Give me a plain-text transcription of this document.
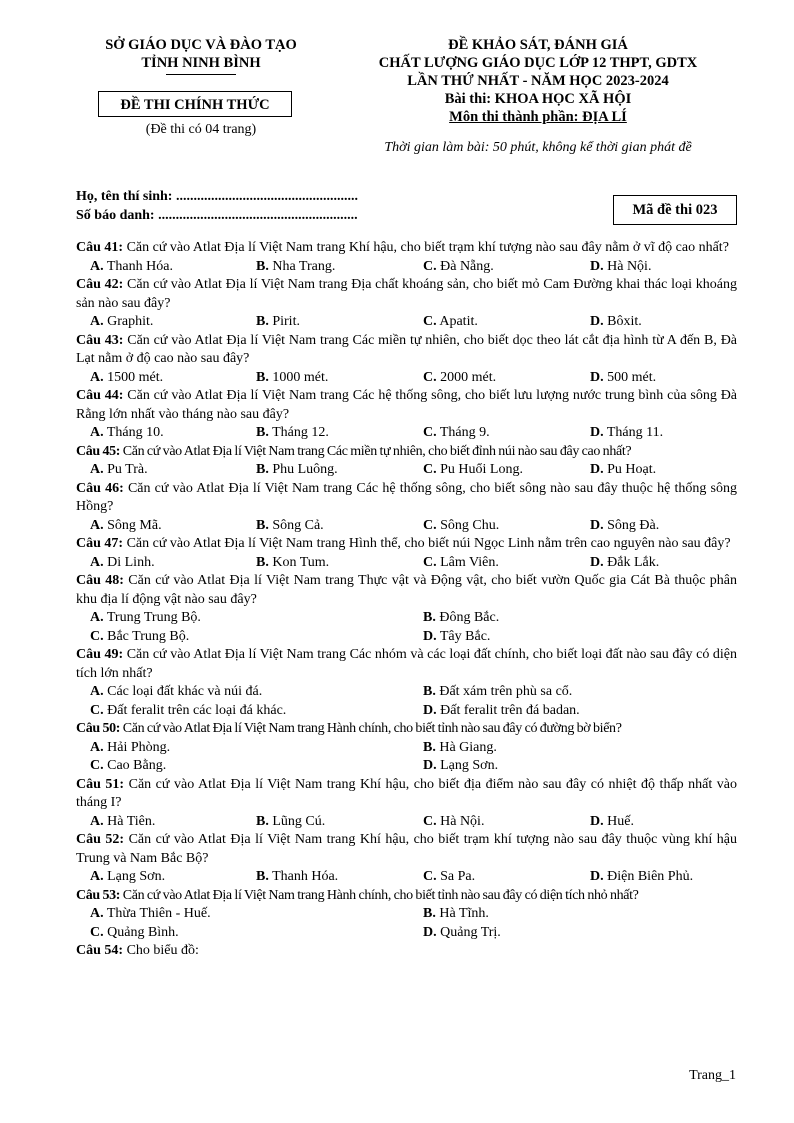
SỞ GIÁO DỤC VÀ ĐÀO TẠO
TỈNH NINH BÌNH
ĐỀ THI CHÍNH THỨC
(Đề thi có 04 trang)
ĐỀ KHẢO SÁT, ĐÁNH GIÁ
CHẤT LƯỢNG GIÁO DỤC LỚP 12 THPT, GDTX
LẦN THỨ NHẤT - NĂM HỌC 2023-2024
Bài thi: KHOA HỌC XÃ HỘI
Môn thi thành phần: ĐỊA LÍ
Thời gian làm bài: 50 phút, không kể thời gian phát đề
Họ, tên thí sinh: ....................................................
Số báo danh: .........................................................	Mã đề thi 023
Câu 41: Căn cứ vào Atlat Địa lí Việt Nam trang Khí hậu, cho biết trạm khí tượng nào sau đây nằm ở vĩ độ cao nhất?
A. Thanh Hóa.	B. Nha Trang.	C. Đà Nẵng.	D. Hà Nội.
Câu 42: Căn cứ vào Atlat Địa lí Việt Nam trang Địa chất khoáng sản, cho biết mỏ Cam Đường khai thác loại khoáng sản nào sau đây?
A. Graphit.	B. Pirit.	C. Apatit.	D. Bôxit.
Câu 43: Căn cứ vào Atlat Địa lí Việt Nam trang Các miền tự nhiên, cho biết dọc theo lát cắt địa hình từ A đến B, Đà Lạt nằm ở độ cao nào sau đây?
A. 1500 mét.	B. 1000 mét.	C. 2000 mét.	D. 500 mét.
Câu 44: Căn cứ vào Atlat Địa lí Việt Nam trang Các hệ thống sông, cho biết lưu lượng nước trung bình của sông Đà Rằng lớn nhất vào tháng nào sau đây?
A. Tháng 10.	B. Tháng 12.	C. Tháng 9.	D. Tháng 11.
Câu 45: Căn cứ vào Atlat Địa lí Việt Nam trang Các miền tự nhiên, cho biết đỉnh núi nào sau đây cao nhất?
A. Pu Trà.	B. Phu Luông.	C. Pu Huổi Long.	D. Pu Hoạt.
Câu 46: Căn cứ vào Atlat Địa lí Việt Nam trang Các hệ thống sông, cho biết sông nào sau đây thuộc hệ thống sông Hồng?
A. Sông Mã.	B. Sông Cả.	C. Sông Chu.	D. Sông Đà.
Câu 47: Căn cứ vào Atlat Địa lí Việt Nam trang Hình thể, cho biết núi Ngọc Linh nằm trên cao nguyên nào sau đây?
A. Di Linh.	B. Kon Tum.	C. Lâm Viên.	D. Đắk Lắk.
Câu 48: Căn cứ vào Atlat Địa lí Việt Nam trang Thực vật và Động vật, cho biết vườn Quốc gia Cát Bà thuộc phân khu địa lí động vật nào sau đây?
A. Trung Trung Bộ.	B. Đông Bắc.
C. Bắc Trung Bộ.	D. Tây Bắc.
Câu 49: Căn cứ vào Atlat Địa lí Việt Nam trang Các nhóm và các loại đất chính, cho biết loại đất nào sau đây có diện tích lớn nhất?
A. Các loại đất khác và núi đá.	B. Đất xám trên phù sa cổ.
C. Đất feralit trên các loại đá khác.	D. Đất feralit trên đá badan.
Câu 50: Căn cứ vào Atlat Địa lí Việt Nam trang Hành chính, cho biết tỉnh nào sau đây có đường bờ biển?
A. Hải Phòng.	B. Hà Giang.
C. Cao Bằng.	D. Lạng Sơn.
Câu 51: Căn cứ vào Atlat Địa lí Việt Nam trang Khí hậu, cho biết địa điểm nào sau đây có nhiệt độ thấp nhất vào tháng I?
A. Hà Tiên.	B. Lũng Cú.	C. Hà Nội.	D. Huế.
Câu 52: Căn cứ vào Atlat Địa lí Việt Nam trang Khí hậu, cho biết trạm khí tượng nào sau đây thuộc vùng khí hậu Trung và Nam Bắc Bộ?
A. Lạng Sơn.	B. Thanh Hóa.	C. Sa Pa.	D. Điện Biên Phủ.
Câu 53: Căn cứ vào Atlat Địa lí Việt Nam trang Hành chính, cho biết tỉnh nào sau đây có diện tích nhỏ nhất?
A. Thừa Thiên - Huế.	B. Hà Tĩnh.
C. Quảng Bình.	D. Quảng Trị.
Câu 54: Cho biểu đồ:
Trang_1
